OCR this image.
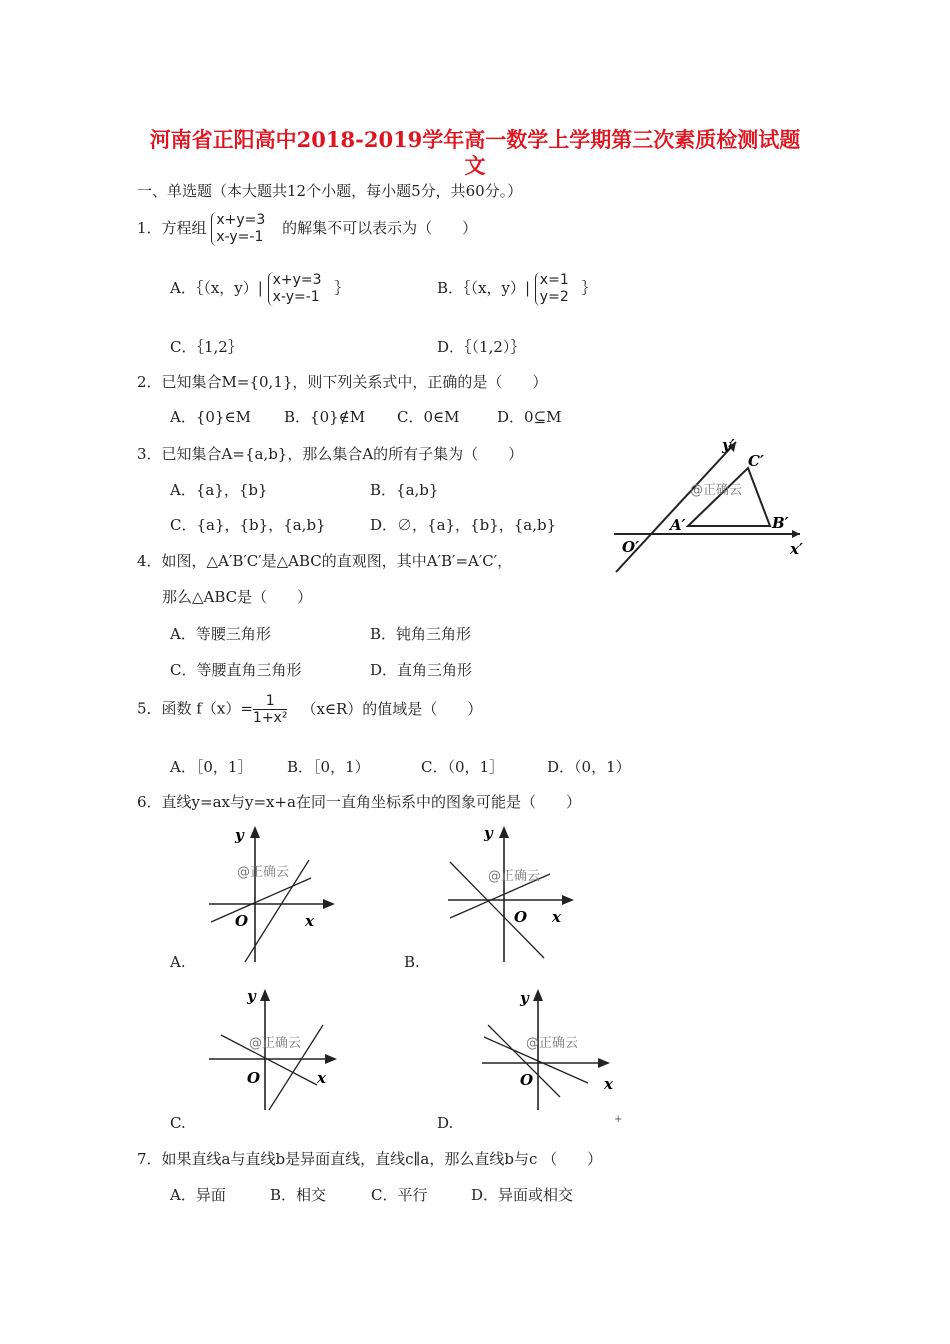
河南省正阳高中2018-2019学年高一数学上学期第三次素质检测试题
文
一、单选题（本大题共12个小题，每小题5分，共60分。）
1．方程组 x+y=3
x-y=-1 的解集不可以表示为（　　）
A．｛（x，y）| x+y=3
x-y=-1 ｝	B．｛（x，y）| x=1
y=2 ｝
C．｛1,2｝	D．｛（1,2）｝
2．已知集合M={0,1}，则下列关系式中，正确的是（　　）
A．{0}∈M B．{0}∉M C．0∈M	D．0⊆M
3．已知集合A={a,b}，那么集合A的所有子集为（　　）
A．{a}，{b}	B．{a,b}
C．{a}，{b}，{a,b}	D．∅，{a}，{b}，{a,b}
y′
x′
O′
A′	B′
C′
@正确云
4．如图，△A′B′C′是△ABC的直观图，其中A′B′=A′C′，
那么△ABC是（　　）
A．等腰三角形	B．钝角三角形
C．等腰直角三角形	D．直角三角形
5．函数 $f(x)= \frac{1}{\text{1+x²}}$ （x∈R）的值域是（　　）
A．［0，1］ B．［0，1）	C．（0，1］	D．（0，1）
6．直线y=ax与y=x+a在同一直角坐标系中的图象可能是（　　）
y
x
O
@正确云
A.
y
x
O
@正确云
B.
y
x
O
@正确云
C.
y
x
O
@正确云
D.	+
7．如果直线a与直线b是异面直线，直线c∥a，那么直线b与c （　　）
A．异面	B．相交	C．平行	D．异面或相交
